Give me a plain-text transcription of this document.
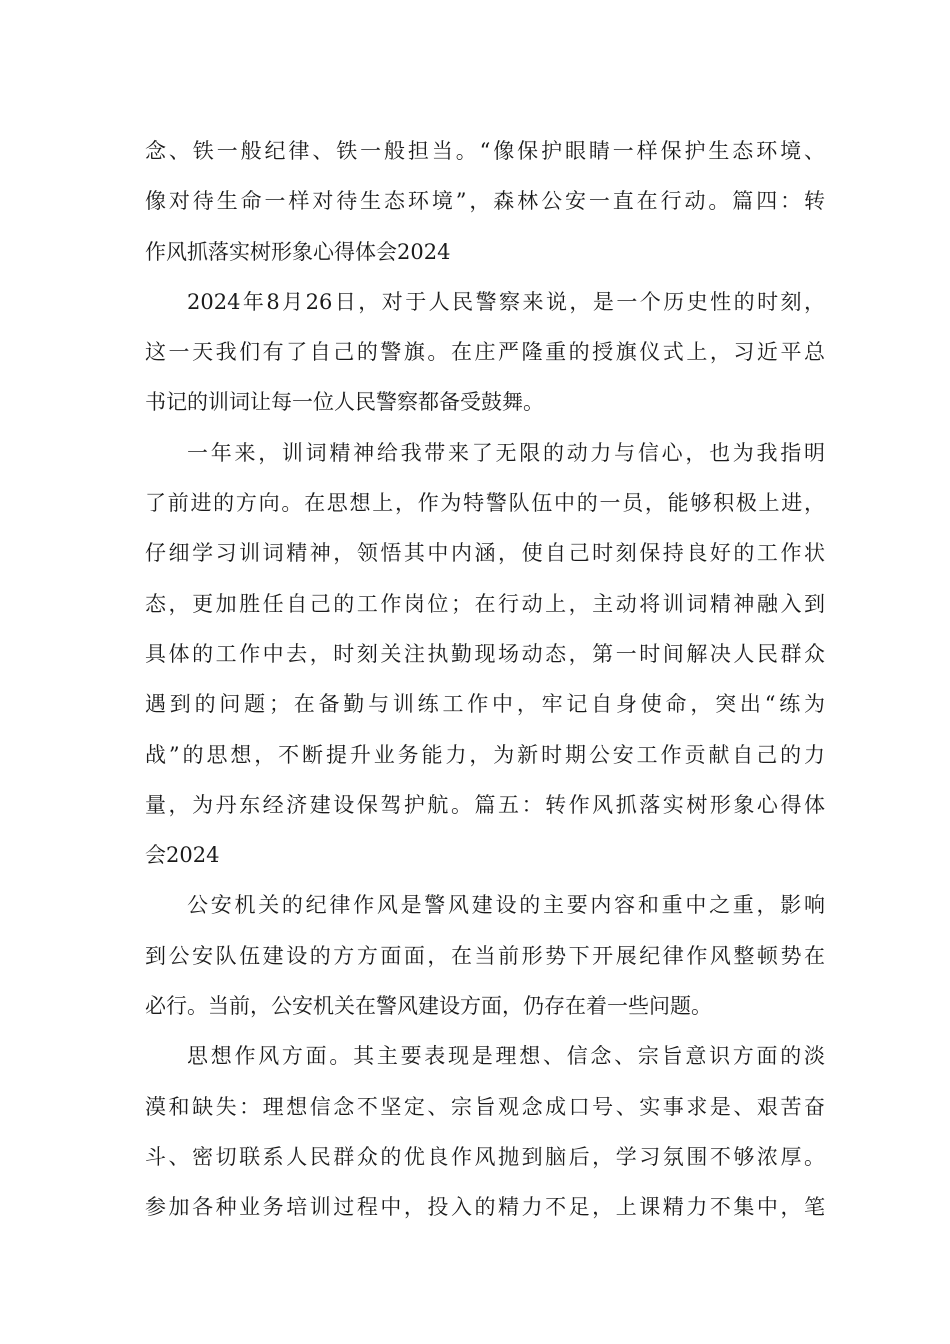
念、铁一般纪律、铁一般担当。“像保护眼睛一样保护生态环境、
像对待生命一样对待生态环境”，森林公安一直在行动。篇四：转
作风抓落实树形象心得体会2024
2024年8月26日，对于人民警察来说，是一个历史性的时刻，
这一天我们有了自己的警旗。在庄严隆重的授旗仪式上，习近平总
书记的训词让每一位人民警察都备受鼓舞。
一年来，训词精神给我带来了无限的动力与信心，也为我指明
了前进的方向。在思想上，作为特警队伍中的一员，能够积极上进，
仔细学习训词精神，领悟其中内涵，使自己时刻保持良好的工作状
态，更加胜任自己的工作岗位；在行动上，主动将训词精神融入到
具体的工作中去，时刻关注执勤现场动态，第一时间解决人民群众
遇到的问题；在备勤与训练工作中，牢记自身使命，突出“练为
战”的思想，不断提升业务能力，为新时期公安工作贡献自己的力
量，为丹东经济建设保驾护航。篇五：转作风抓落实树形象心得体
会2024
公安机关的纪律作风是警风建设的主要内容和重中之重，影响
到公安队伍建设的方方面面，在当前形势下开展纪律作风整顿势在
必行。当前，公安机关在警风建设方面，仍存在着一些问题。
思想作风方面。其主要表现是理想、信念、宗旨意识方面的淡
漠和缺失：理想信念不坚定、宗旨观念成口号、实事求是、艰苦奋
斗、密切联系人民群众的优良作风抛到脑后，学习氛围不够浓厚。
参加各种业务培训过程中，投入的精力不足，上课精力不集中，笔
